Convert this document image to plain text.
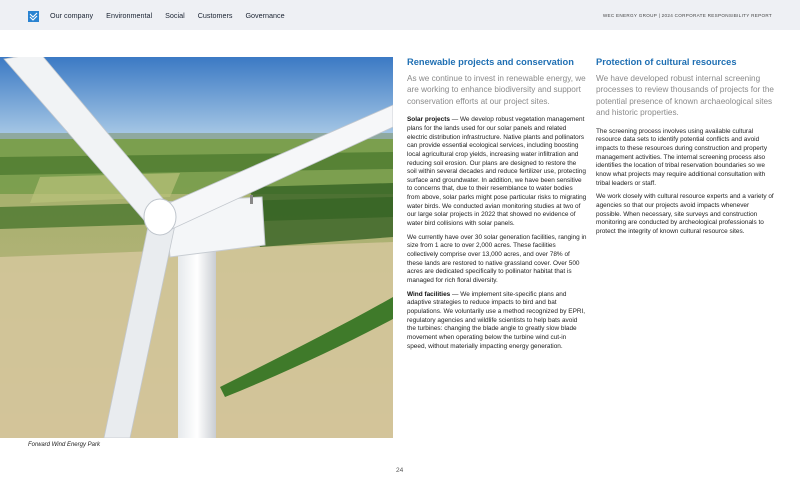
Our company Environmental Social Customers Governance	WEC ENERGY GROUP | 2024 CORPORATE RESPONSIBILITY REPORT
Forward Wind Energy Park
Renewable projects and conservation

As we continue to invest in renewable energy, we are working to enhance biodiversity and support conservation efforts at our project sites.

Solar projects — We develop robust vegetation management plans for the lands used for our solar panels and related electric distribution infrastructure. Native plants and pollinators can provide essential ecological services, including boosting local agricultural crop yields, increasing water infiltration and reducing soil erosion. Our plans are designed to restore the soil within several decades and reduce fertilizer use, protecting surface and groundwater. In addition, we have been sensitive to concerns that, due to their resemblance to water bodies from above, solar parks might pose particular risks to migrating water birds. We conducted avian monitoring studies at two of our large solar projects in 2022 that showed no evidence of water bird collisions with solar panels.

We currently have over 30 solar generation facilities, ranging in size from 1 acre to over 2,000 acres. These facilities collectively comprise over 13,000 acres, and over 78% of these lands are restored to native grassland cover. Over 500 acres are dedicated specifically to pollinator habitat that is managed for rich floral diversity.

Wind facilities — We implement site-specific plans and adaptive strategies to reduce impacts to bird and bat populations. We voluntarily use a method recognized by EPRI, regulatory agencies and wildlife scientists to help bats avoid the turbines: changing the blade angle to greatly slow blade movement when operating below the turbine wind cut-in speed, without materially impacting energy generation.

Protection of cultural resources

We have developed robust internal screening processes to review thousands of projects for the potential presence of known archaeological sites and historic properties.

The screening process involves using available cultural resource data sets to identify potential conflicts and avoid impacts to these resources during construction and property management activities. The internal screening process also identifies the location of tribal reservation boundaries so we know what projects may require additional consultation with tribal leaders or staff.

We work closely with cultural resource experts and a variety of agencies so that our projects avoid impacts whenever possible. When necessary, site surveys and construction monitoring are conducted by archeological professionals to protect the integrity of known cultural resource sites.

24
